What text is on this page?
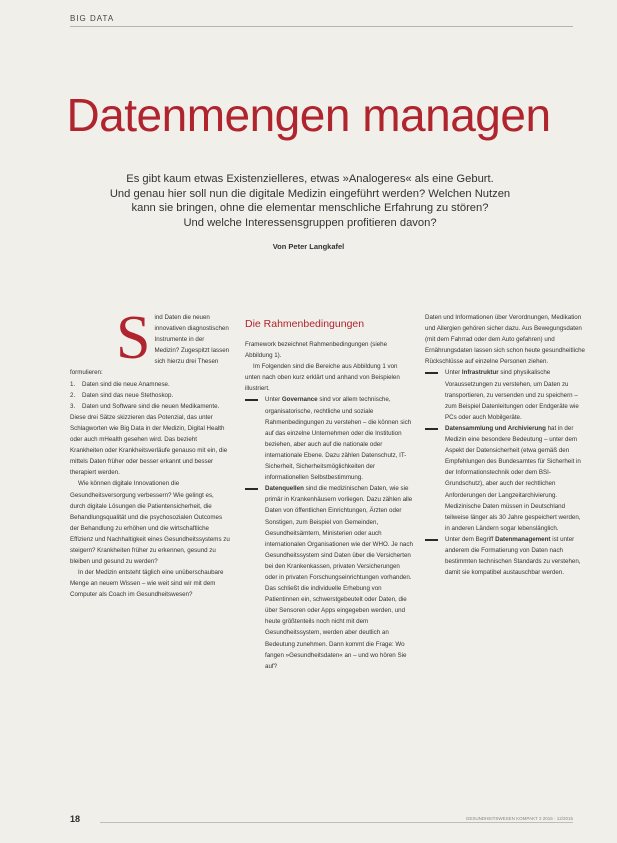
BIG DATA
Datenmengen managen
Es gibt kaum etwas Existenzielleres, etwas »Analogeres« als eine Geburt.
Und genau hier soll nun die digitale Medizin eingeführt werden? Welchen Nutzen
kann sie bringen, ohne die elementar menschliche Erfahrung zu stören?
Und welche Interessensgruppen profitieren davon?
Von Peter Langkafel
S ind Daten die neuen innovativen diagnostischen Instrumente in der Medizin? Zugespitzt lassen sich hierzu drei Thesen formulieren:

1. Daten sind die neue Anamnese.
2. Daten sind das neue Stethoskop.
3. Daten und Software sind die neuen Medikamente.

Diese drei Sätze skizzieren das Potenzial, das unter Schlagworten wie Big Data in der Medizin, Digital Health oder auch mHealth gesehen wird. Das bezieht Krankheiten oder Krankheitsverläufe genauso mit ein, die mittels Daten früher oder besser erkannt und besser therapiert werden.

Wie können digitale Innovationen die Gesundheitsversorgung verbessern? Wie gelingt es, durch digitale Lösungen die Patientensicherheit, die Behandlungsqualität und die psychosozialen Outcomes der Behandlung zu erhöhen und die wirtschaftliche Effizienz und Nachhaltigkeit eines Gesundheitssystems zu steigern? Krankheiten früher zu erkennen, gesund zu bleiben und gesund zu werden?

In der Medizin entsteht täglich eine unüberschaubare Menge an neuem Wissen – wie weit sind wir mit dem Computer als Coach im Gesundheitswesen?

Die Rahmenbedingungen

Framework bezeichnet Rahmenbedingungen (siehe Abbildung 1).

Im Folgenden sind die Bereiche aus Abbildung 1 von unten nach oben kurz erklärt und anhand von Beispielen illustriert.

Unter Governance sind vor allem technische, organisatorische, rechtliche und soziale Rahmenbedingungen zu verstehen – die können sich auf das einzelne Unternehmen oder die Institution beziehen, aber auch auf die nationale oder internationale Ebene. Dazu zählen Datenschutz, IT-Sicherheit, Sicherheitsmöglichkeiten der informationellen Selbstbestimmung.

Datenquellen sind die medizinischen Daten, wie sie primär in Krankenhäusern vorliegen. Dazu zählen alle Daten von öffentlichen Einrichtungen, Ärzten oder Sonstigen, zum Beispiel von Gemeinden, Gesundheitsämtern, Ministerien oder auch internationalen Organisationen wie der WHO. Je nach Gesundheitssystem sind Daten über die Versicherten bei den Krankenkassen, privaten Versicherungen oder in privaten Forschungseinrichtungen vorhanden. Das schließt die individuelle Erhebung von Patientinnen ein, schwerstgebeutelt oder Daten, die über Sensoren oder Apps eingegeben werden, und heute größtenteils noch nicht mit dem Gesundheitssystem, werden aber deutlich an Bedeutung zunehmen. Dann kommt die Frage: Wo fangen »Gesundheitsdaten« an – und wo hören Sie auf?

Daten und Informationen über Verordnungen, Medikation und Allergien gehören sicher dazu. Aus Bewegungsdaten (mit dem Fahrrad oder dem Auto gefahren) und Ernährungsdaten lassen sich schon heute gesundheitliche Rückschlüsse auf einzelne Personen ziehen.

Unter Infrastruktur sind physikalische Voraussetzungen zu verstehen, um Daten zu transportieren, zu versenden und zu speichern – zum Beispiel Datenleitungen oder Endgeräte wie PCs oder auch Mobilgeräte.

Datensammlung und Archivierung hat in der Medizin eine besondere Bedeutung – unter dem Aspekt der Datensicherheit (etwa gemäß den Empfehlungen des Bundesamtes für Sicherheit in der Informationstechnik oder dem BSI-Grundschutz), aber auch der rechtlichen Anforderungen der Langzeitarchivierung. Medizinische Daten müssen in Deutschland teilweise länger als 30 Jahre gespeichert werden, in anderen Ländern sogar lebenslänglich.

Unter dem Begriff Datenmanagement ist unter anderem die Formatierung von Daten nach bestimmten technischen Standards zu verstehen, damit sie kompatibel austauschbar werden.

18	GESUNDHEITSWESEN KOMPAKT 2 2015 · 12/2015
